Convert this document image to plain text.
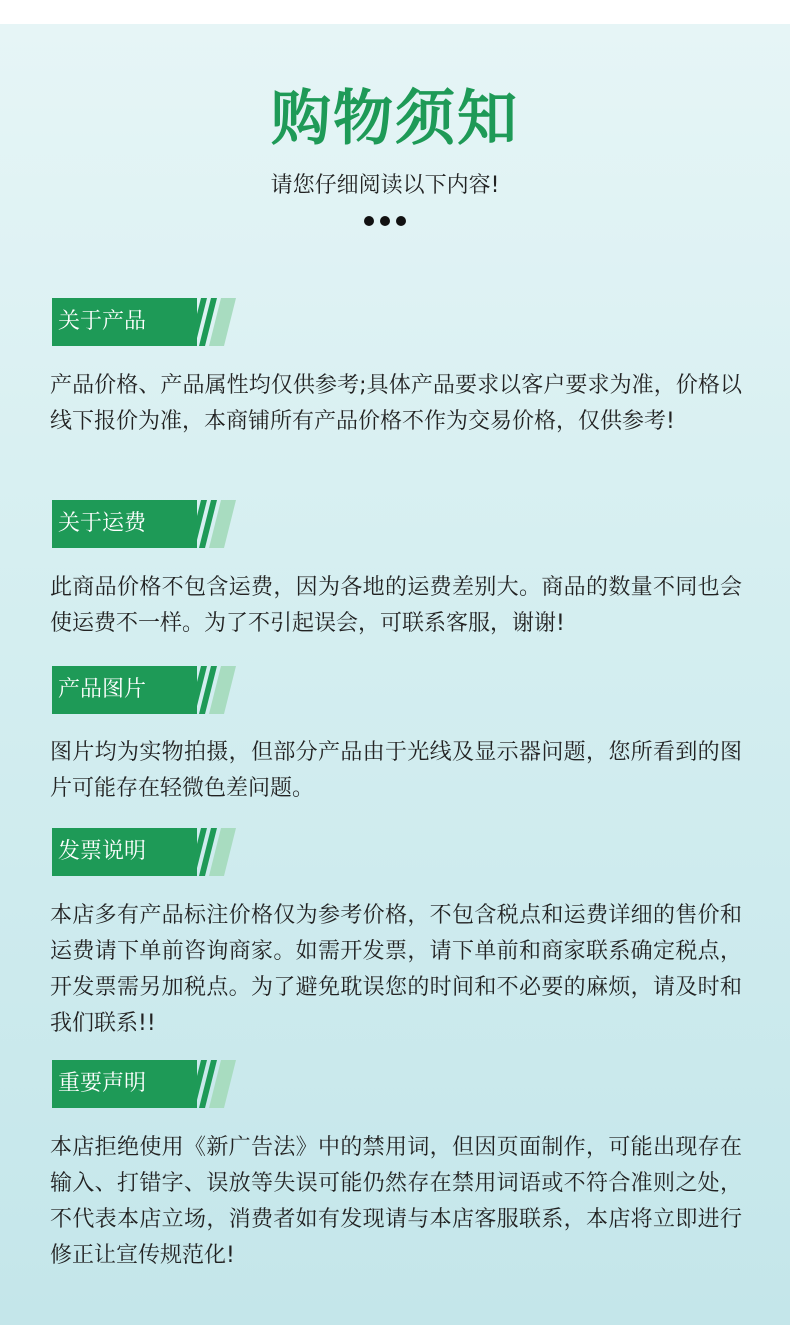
购物须知
请您仔细阅读以下内容!
关于产品
产品价格、产品属性均仅供参考;具体产品要求以客户要求为准，价格以线下报价为准，本商铺所有产品价格不作为交易价格，仅供参考!
关于运费
此商品价格不包含运费，因为各地的运费差别大。商品的数量不同也会使运费不一样。为了不引起误会，可联系客服，谢谢!
产品图片
图片均为实物拍摄，但部分产品由于光线及显示器问题，您所看到的图片可能存在轻微色差问题。
发票说明
本店多有产品标注价格仅为参考价格，不包含税点和运费详细的售价和运费请下单前咨询商家。如需开发票，请下单前和商家联系确定税点，开发票需另加税点。为了避免耽误您的时间和不必要的麻烦，请及时和我们联系!!
重要声明
本店拒绝使用《新广告法》中的禁用词，但因页面制作，可能出现存在输入、打错字、误放等失误可能仍然存在禁用词语或不符合准则之处，不代表本店立场，消费者如有发现请与本店客服联系，本店将立即进行修正让宣传规范化!
